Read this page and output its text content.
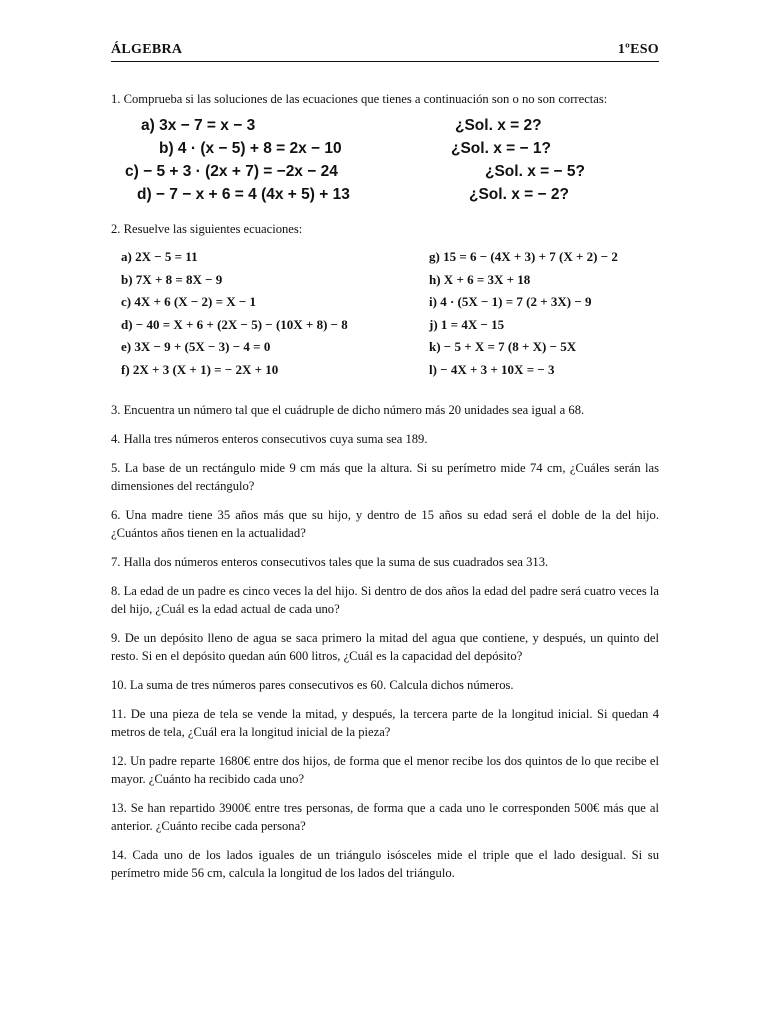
ÁLGEBRA	1ºESO

1. Comprueba si las soluciones de las ecuaciones que tienes a continuación son o no son correctas:

a) 3x − 7 = x − 3	¿Sol. x = 2?
b) 4 · (x − 5) + 8 = 2x − 10	¿Sol. x = − 1?
c) − 5 + 3 · (2x + 7) = −2x − 24	¿Sol. x = − 5?
d) − 7 − x + 6 = 4 (4x + 5) + 13	¿Sol. x = − 2?

2. Resuelve las siguientes ecuaciones:

a) 2X − 5 = 11	g) 15 = 6 − (4X + 3) + 7 (X + 2) − 2
b) 7X + 8 = 8X − 9	h) X + 6 = 3X + 18
c) 4X + 6 (X − 2) = X − 1	i) 4 · (5X − 1) = 7 (2 + 3X) − 9
d) − 40 = X + 6 + (2X − 5) − (10X + 8) − 8	j) 1 = 4X − 15
e) 3X − 9 + (5X − 3) − 4 = 0	k) − 5 + X = 7 (8 + X) − 5X
f) 2X + 3 (X + 1) = − 2X + 10	l) − 4X + 3 + 10X = − 3

3. Encuentra un número tal que el cuádruple de dicho número más 20 unidades sea igual a 68.

4. Halla tres números enteros consecutivos cuya suma sea 189.

5. La base de un rectángulo mide 9 cm más que la altura. Si su perímetro mide 74 cm, ¿Cuáles serán las dimensiones del rectángulo?

6. Una madre tiene 35 años más que su hijo, y dentro de 15 años su edad será el doble de la del hijo. ¿Cuántos años tienen en la actualidad?

7. Halla dos números enteros consecutivos tales que la suma de sus cuadrados sea 313.

8. La edad de un padre es cinco veces la del hijo. Si dentro de dos años la edad del padre será cuatro veces la del hijo, ¿Cuál es la edad actual de cada uno?

9. De un depósito lleno de agua se saca primero la mitad del agua que contiene, y después, un quinto del resto. Si en el depósito quedan aún 600 litros, ¿Cuál es la capacidad del depósito?

10. La suma de tres números pares consecutivos es 60. Calcula dichos números.

11. De una pieza de tela se vende la mitad, y después, la tercera parte de la longitud inicial. Si quedan 4 metros de tela, ¿Cuál era la longitud inicial de la pieza?

12. Un padre reparte 1680€ entre dos hijos, de forma que el menor recibe los dos quintos de lo que recibe el mayor. ¿Cuánto ha recibido cada uno?

13. Se han repartido 3900€ entre tres personas, de forma que a cada uno le corresponden 500€ más que al anterior. ¿Cuánto recibe cada persona?

14. Cada uno de los lados iguales de un triángulo isósceles mide el triple que el lado desigual. Si su perímetro mide 56 cm, calcula la longitud de los lados del triángulo.
